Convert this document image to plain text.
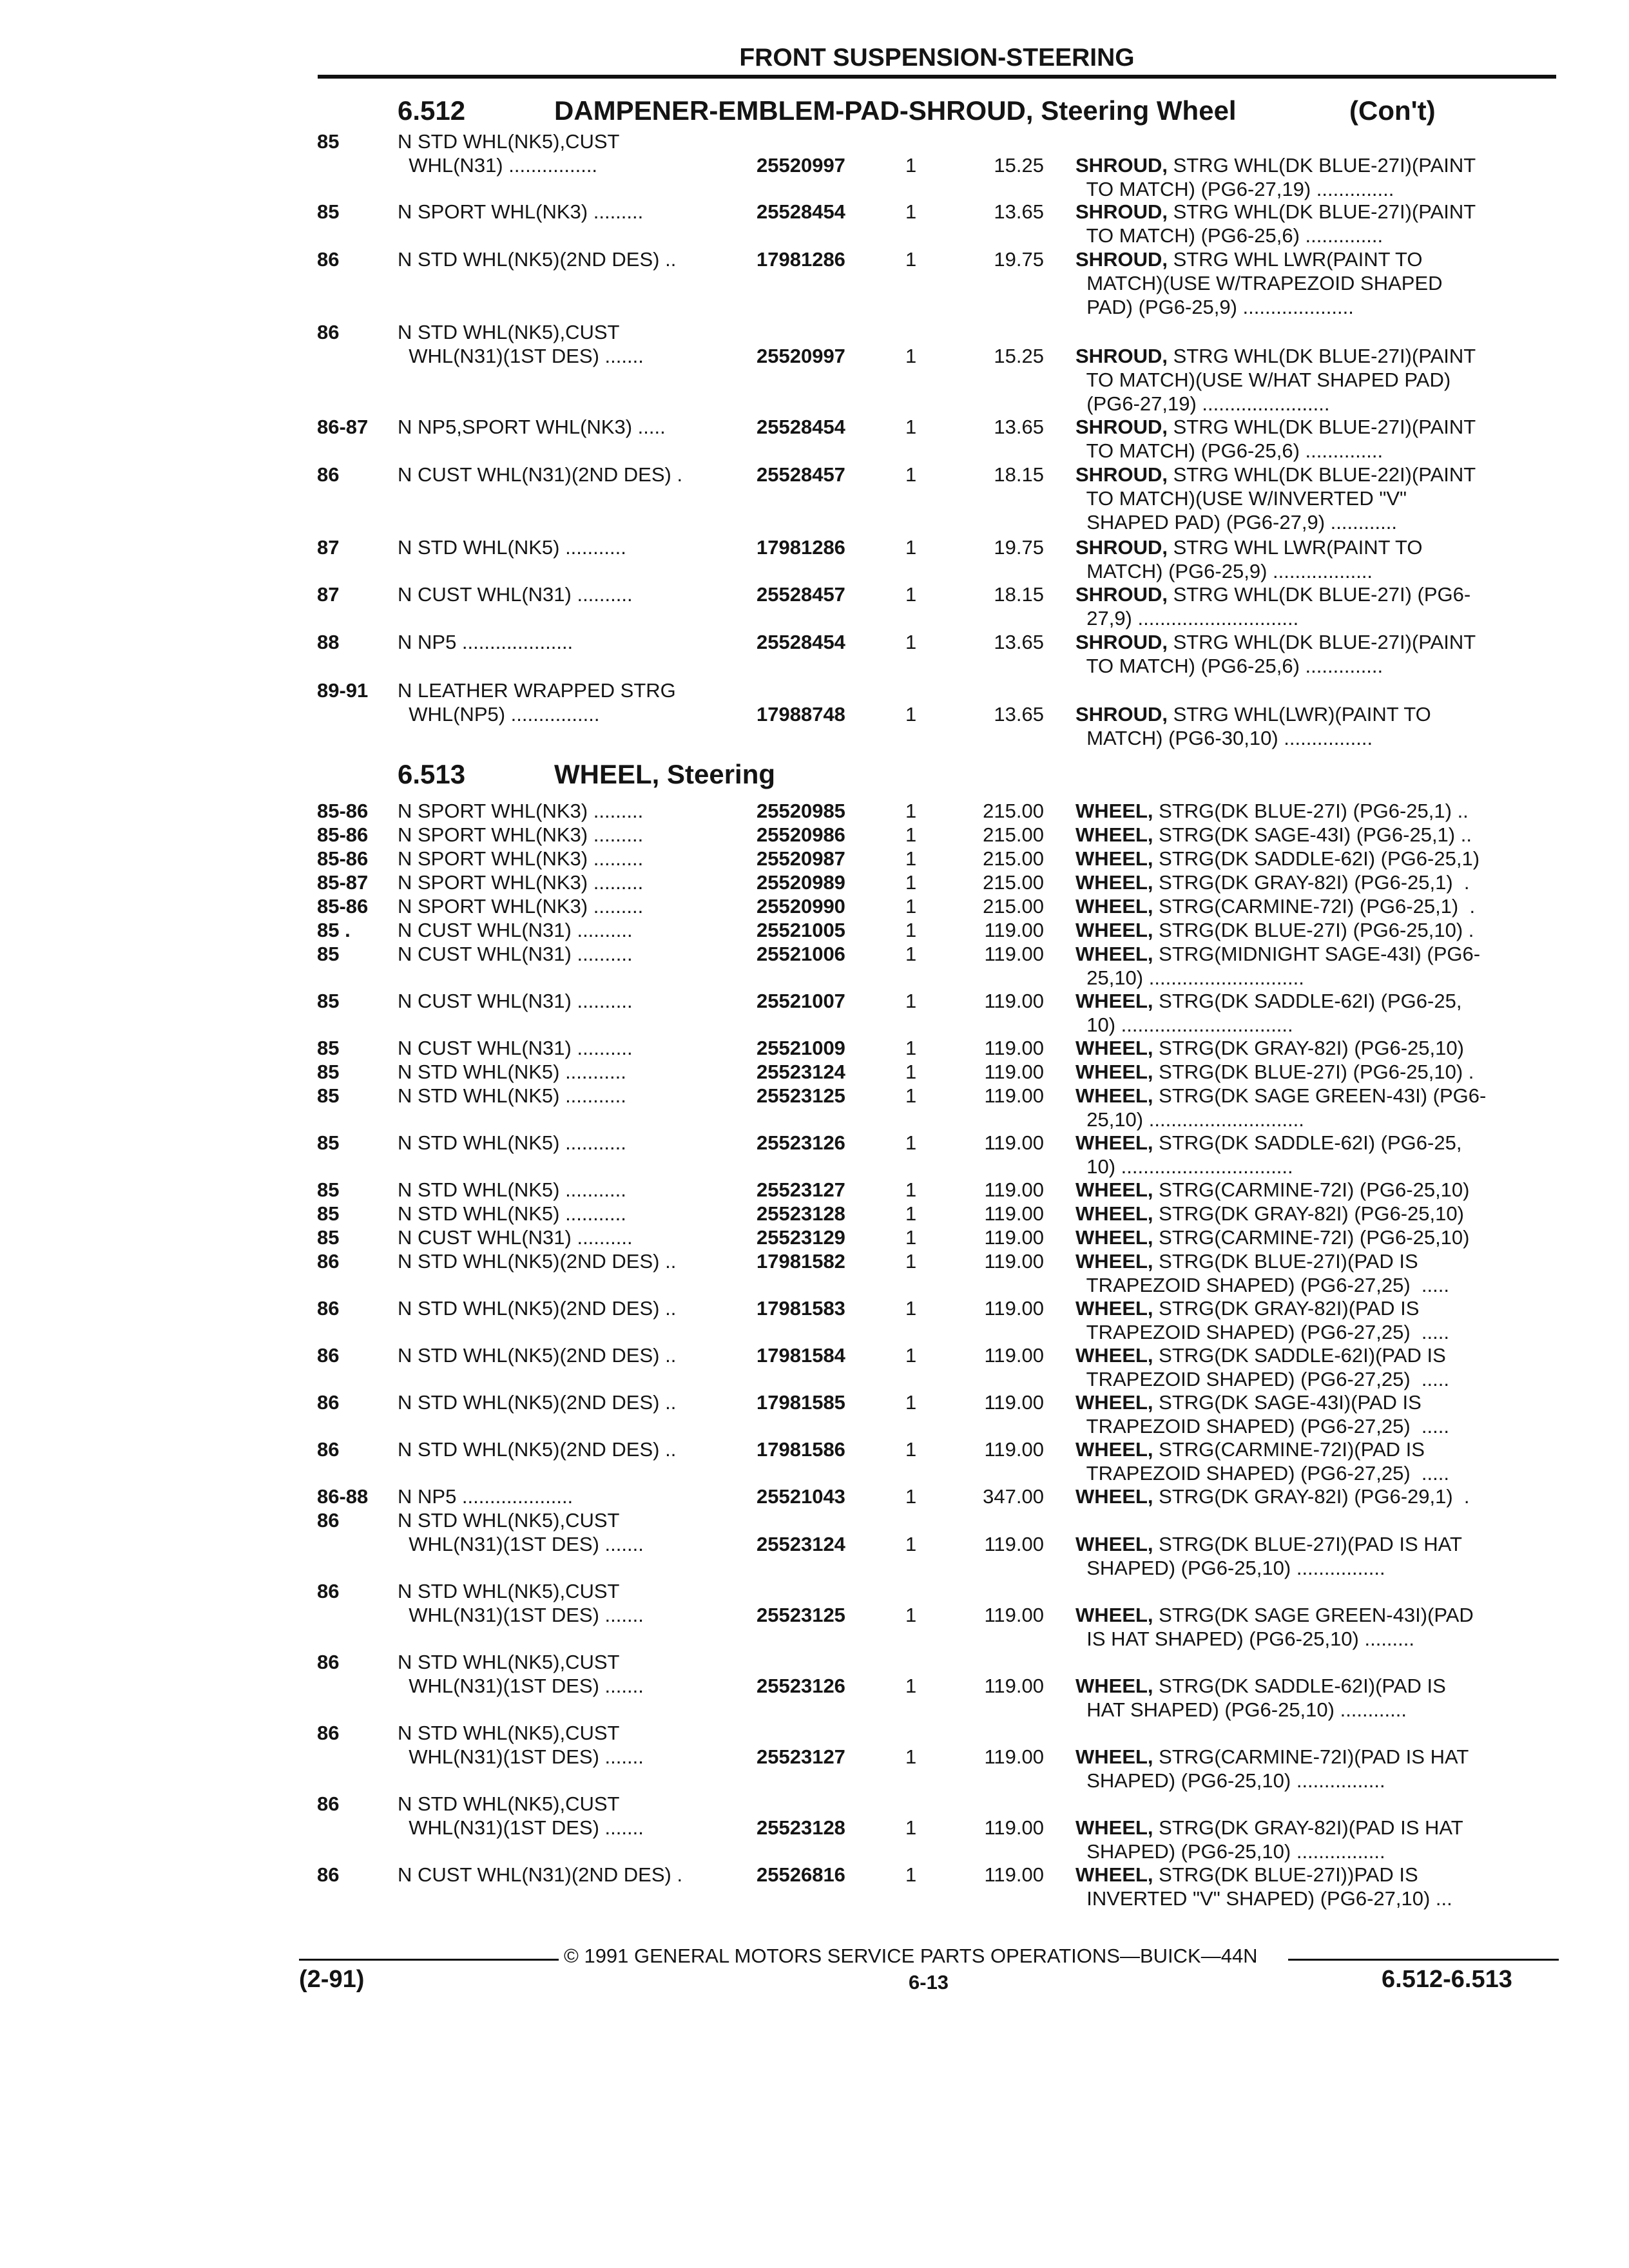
FRONT SUSPENSION-STEERING
6.512	DAMPENER-EMBLEM-PAD-SHROUD, Steering Wheel	(Con't)
6.513	WHEEL, Steering
85	N STD WHL(NK5),CUST
WHL(N31) ................	25520997	1	15.25 SHROUD, STRG WHL(DK BLUE-27I)(PAINT
TO MATCH) (PG6-27,19) ..............
85	N SPORT WHL(NK3) .........	25528454	1	13.65 SHROUD, STRG WHL(DK BLUE-27I)(PAINT
TO MATCH) (PG6-25,6) ..............
86	N STD WHL(NK5)(2ND DES) ..	17981286	1	19.75 SHROUD, STRG WHL LWR(PAINT TO
MATCH)(USE W/TRAPEZOID SHAPED
PAD) (PG6-25,9) ....................
86	N STD WHL(NK5),CUST
WHL(N31)(1ST DES) .......	25520997	1	15.25 SHROUD, STRG WHL(DK BLUE-27I)(PAINT
TO MATCH)(USE W/HAT SHAPED PAD)
(PG6-27,19) .......................
86-87 N NP5,SPORT WHL(NK3) .....	25528454	1	13.65 SHROUD, STRG WHL(DK BLUE-27I)(PAINT
TO MATCH) (PG6-25,6) ..............
86	N CUST WHL(N31)(2ND DES) .	25528457	1	18.15 SHROUD, STRG WHL(DK BLUE-22I)(PAINT
TO MATCH)(USE W/INVERTED "V"
SHAPED PAD) (PG6-27,9) ............
87	N STD WHL(NK5) ...........	17981286	1	19.75 SHROUD, STRG WHL LWR(PAINT TO
MATCH) (PG6-25,9) ..................
87	N CUST WHL(N31) ..........	25528457	1	18.15 SHROUD, STRG WHL(DK BLUE-27I) (PG6-
27,9) .............................
88	N NP5 ....................	25528454	1	13.65 SHROUD, STRG WHL(DK BLUE-27I)(PAINT
TO MATCH) (PG6-25,6) ..............
89-91 N LEATHER WRAPPED STRG
WHL(NP5) ................	17988748	1	13.65 SHROUD, STRG WHL(LWR)(PAINT TO
MATCH) (PG6-30,10) ................
85-86 N SPORT WHL(NK3) .........	25520985	1	215.00 WHEEL, STRG(DK BLUE-27I) (PG6-25,1) ..
85-86 N SPORT WHL(NK3) .........	25520986	1	215.00 WHEEL, STRG(DK SAGE-43I) (PG6-25,1) ..
85-86 N SPORT WHL(NK3) .........	25520987	1	215.00 WHEEL, STRG(DK SADDLE-62I) (PG6-25,1)
85-87 N SPORT WHL(NK3) .........	25520989	1	215.00 WHEEL, STRG(DK GRAY-82I) (PG6-25,1)  .
85-86 N SPORT WHL(NK3) .........	25520990	1	215.00 WHEEL, STRG(CARMINE-72I) (PG6-25,1)  .
85 . N CUST WHL(N31) ..........	25521005	1	119.00 WHEEL, STRG(DK BLUE-27I) (PG6-25,10) .
85	N CUST WHL(N31) ..........	25521006	1	119.00 WHEEL, STRG(MIDNIGHT SAGE-43I) (PG6-
25,10) ............................
85	N CUST WHL(N31) ..........	25521007	1	119.00 WHEEL, STRG(DK SADDLE-62I) (PG6-25,
10) ...............................
85	N CUST WHL(N31) ..........	25521009	1	119.00 WHEEL, STRG(DK GRAY-82I) (PG6-25,10)
85	N STD WHL(NK5) ...........	25523124	1	119.00 WHEEL, STRG(DK BLUE-27I) (PG6-25,10) .
85	N STD WHL(NK5) ...........	25523125	1	119.00 WHEEL, STRG(DK SAGE GREEN-43I) (PG6-
25,10) ............................
85	N STD WHL(NK5) ...........	25523126	1	119.00 WHEEL, STRG(DK SADDLE-62I) (PG6-25,
10) ...............................
85	N STD WHL(NK5) ...........	25523127	1	119.00 WHEEL, STRG(CARMINE-72I) (PG6-25,10)
85	N STD WHL(NK5) ...........	25523128	1	119.00 WHEEL, STRG(DK GRAY-82I) (PG6-25,10)
85	N CUST WHL(N31) ..........	25523129	1	119.00 WHEEL, STRG(CARMINE-72I) (PG6-25,10)
86	N STD WHL(NK5)(2ND DES) ..	17981582	1	119.00 WHEEL, STRG(DK BLUE-27I)(PAD IS
TRAPEZOID SHAPED) (PG6-27,25)  .....
86	N STD WHL(NK5)(2ND DES) ..	17981583	1	119.00 WHEEL, STRG(DK GRAY-82I)(PAD IS
TRAPEZOID SHAPED) (PG6-27,25)  .....
86	N STD WHL(NK5)(2ND DES) ..	17981584	1	119.00 WHEEL, STRG(DK SADDLE-62I)(PAD IS
TRAPEZOID SHAPED) (PG6-27,25)  .....
86	N STD WHL(NK5)(2ND DES) ..	17981585	1	119.00 WHEEL, STRG(DK SAGE-43I)(PAD IS
TRAPEZOID SHAPED) (PG6-27,25)  .....
86	N STD WHL(NK5)(2ND DES) ..	17981586	1	119.00 WHEEL, STRG(CARMINE-72I)(PAD IS
TRAPEZOID SHAPED) (PG6-27,25)  .....
86-88 N NP5 ....................	25521043	1	347.00 WHEEL, STRG(DK GRAY-82I) (PG6-29,1)  .
86	N STD WHL(NK5),CUST
WHL(N31)(1ST DES) .......	25523124	1	119.00 WHEEL, STRG(DK BLUE-27I)(PAD IS HAT
SHAPED) (PG6-25,10) ................
86	N STD WHL(NK5),CUST
WHL(N31)(1ST DES) .......	25523125	1	119.00 WHEEL, STRG(DK SAGE GREEN-43I)(PAD
IS HAT SHAPED) (PG6-25,10) .........
86	N STD WHL(NK5),CUST
WHL(N31)(1ST DES) .......	25523126	1	119.00 WHEEL, STRG(DK SADDLE-62I)(PAD IS
HAT SHAPED) (PG6-25,10) ............
86	N STD WHL(NK5),CUST
WHL(N31)(1ST DES) .......	25523127	1	119.00 WHEEL, STRG(CARMINE-72I)(PAD IS HAT
SHAPED) (PG6-25,10) ................
86	N STD WHL(NK5),CUST
WHL(N31)(1ST DES) .......	25523128	1	119.00 WHEEL, STRG(DK GRAY-82I)(PAD IS HAT
SHAPED) (PG6-25,10) ................
86	N CUST WHL(N31)(2ND DES) .	25526816	1	119.00 WHEEL, STRG(DK BLUE-27I))PAD IS
INVERTED "V" SHAPED) (PG6-27,10) ...
© 1991 GENERAL MOTORS SERVICE PARTS OPERATIONS—BUICK—44N
(2-91)	6-13	6.512-6.513
